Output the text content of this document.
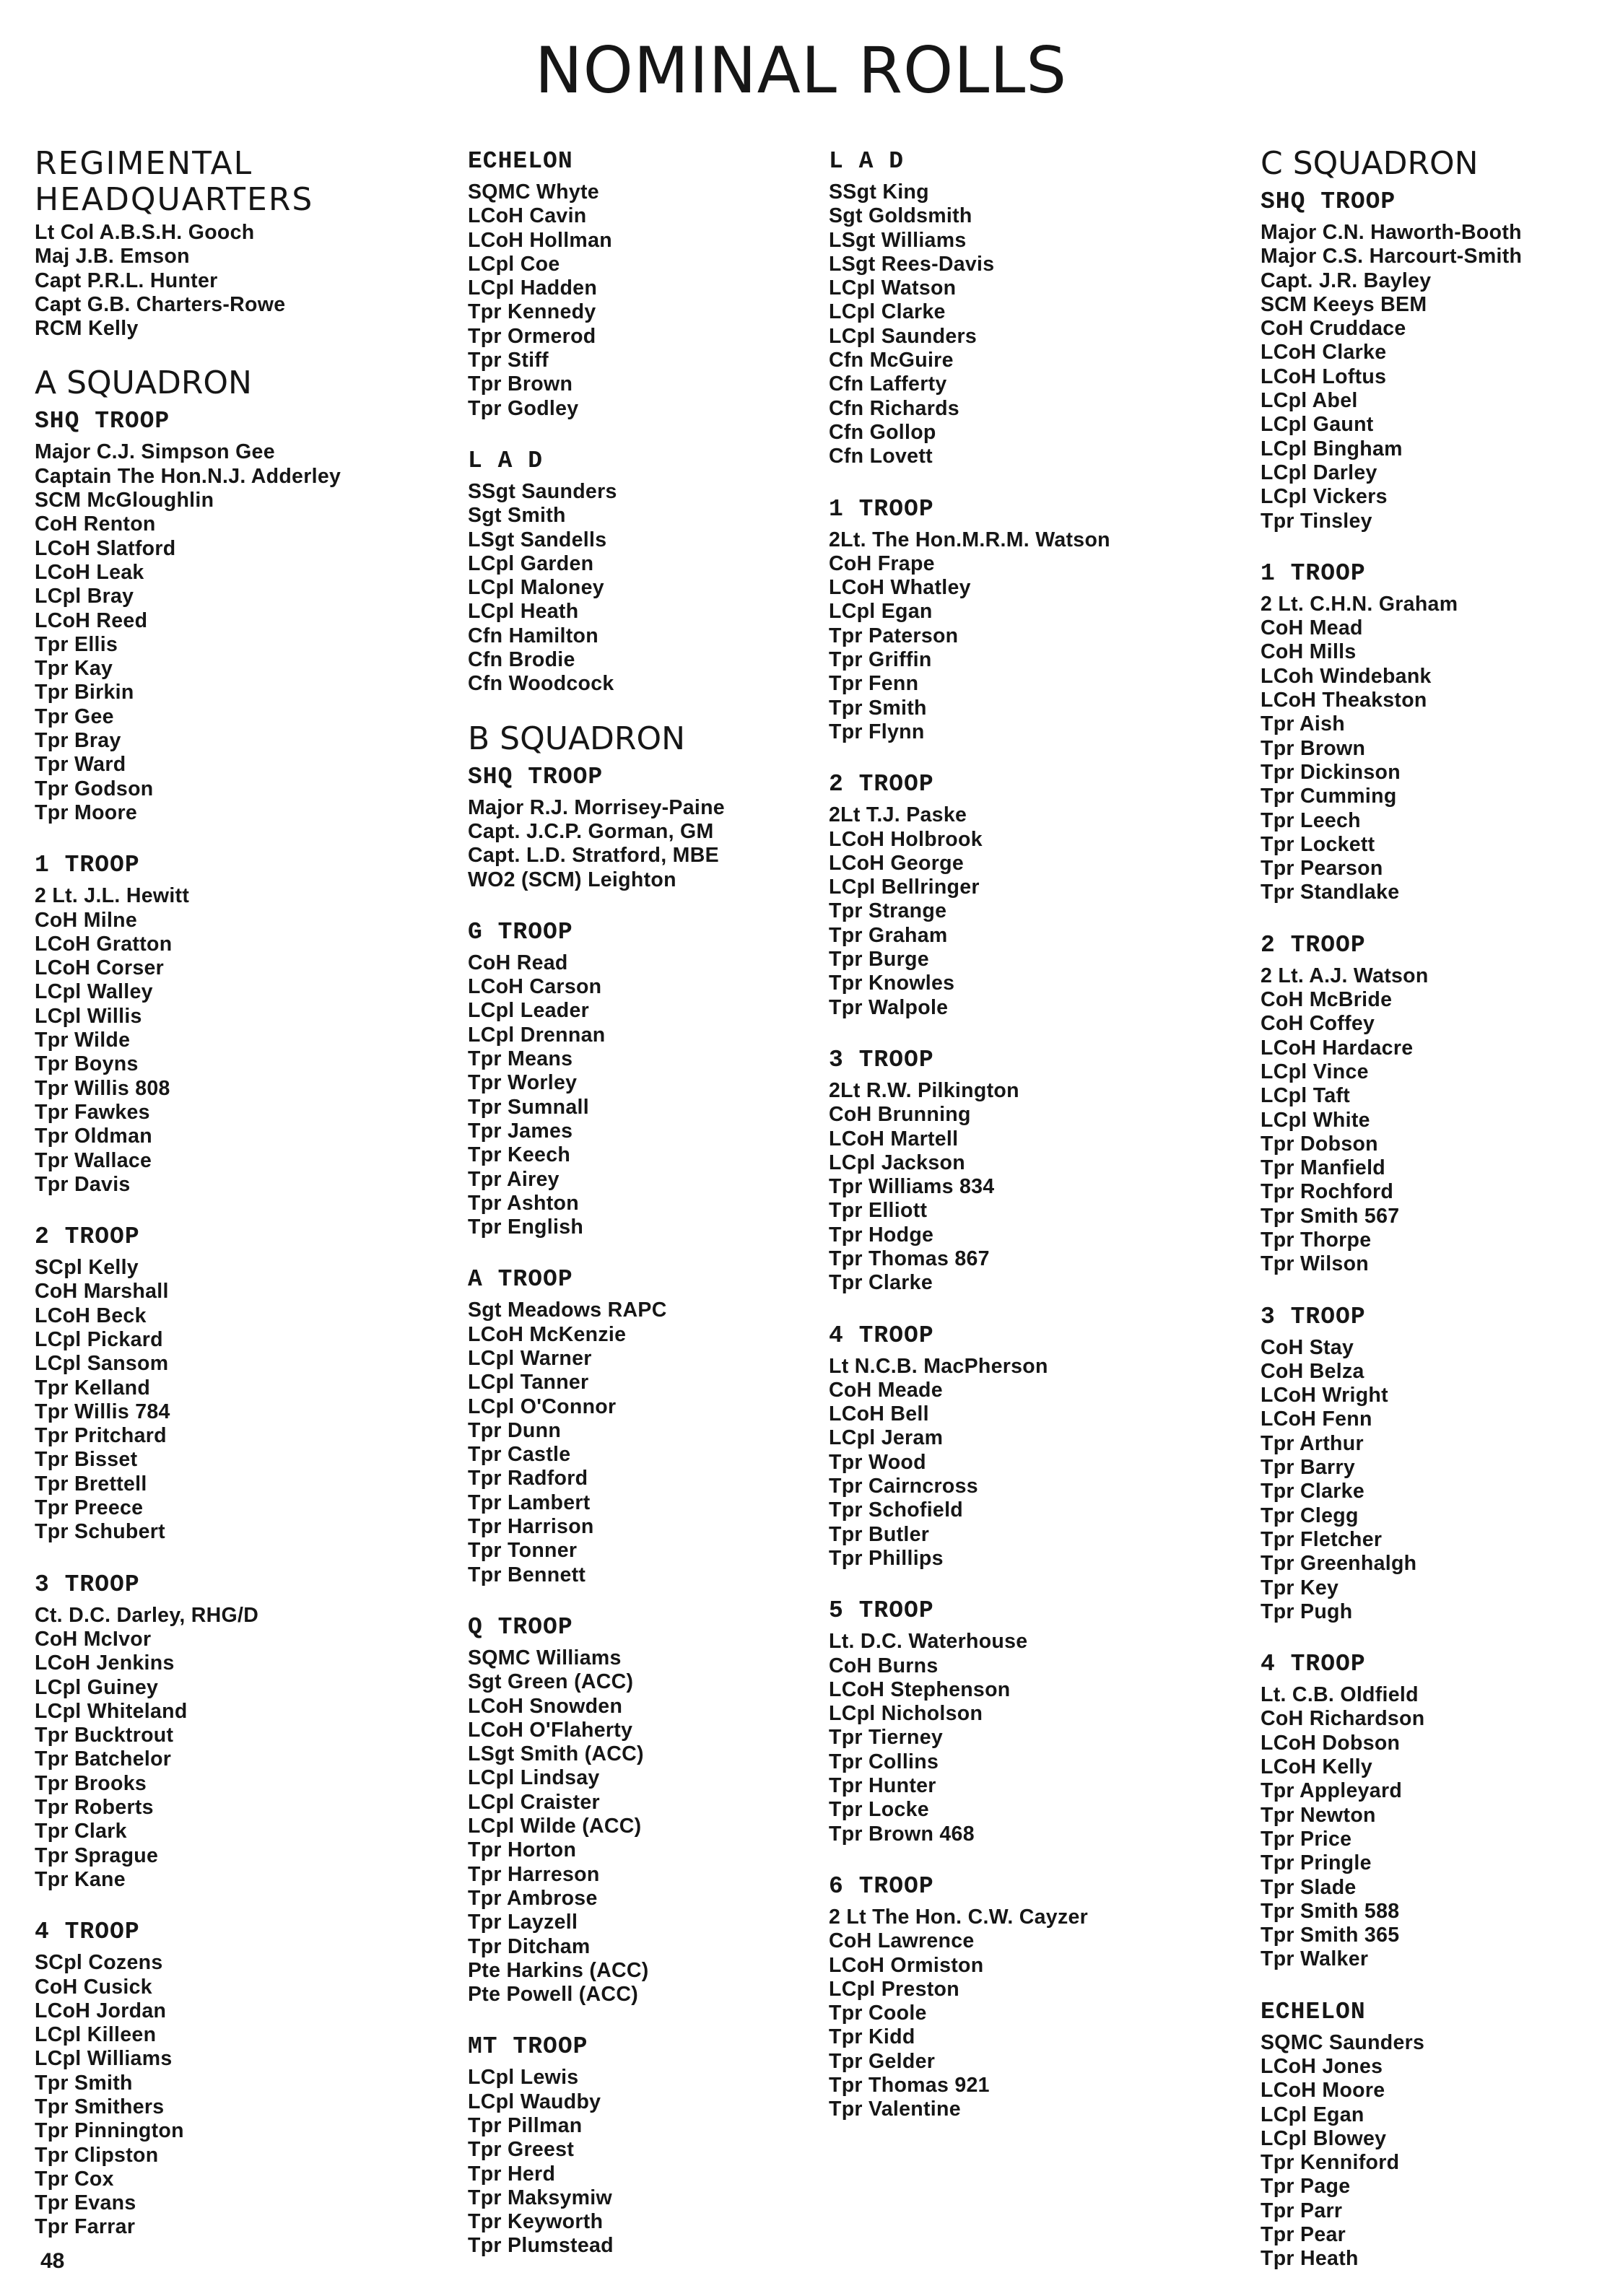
NOMINAL ROLLS
REGIMENTAL HEADQUARTERS
Lt Col A.B.S.H. Gooch
Maj J.B. Emson
Capt P.R.L. Hunter
Capt G.B. Charters-Rowe
RCM Kelly
A SQUADRON
SHQ TROOP
Major C.J. Simpson Gee
Captain The Hon.N.J. Adderley
SCM McGloughlin
CoH Renton
LCoH Slatford
LCoH Leak
LCpl Bray
LCoH Reed
Tpr Ellis
Tpr Kay
Tpr Birkin
Tpr Gee
Tpr Bray
Tpr Ward
Tpr Godson
Tpr Moore
1 TROOP
2 Lt. J.L. Hewitt
CoH Milne
LCoH Gratton
LCoH Corser
LCpl Walley
LCpl Willis
Tpr Wilde
Tpr Boyns
Tpr Willis 808
Tpr Fawkes
Tpr Oldman
Tpr Wallace
Tpr Davis
2 TROOP
SCpl Kelly
CoH Marshall
LCoH Beck
LCpl Pickard
LCpl Sansom
Tpr Kelland
Tpr Willis 784
Tpr Pritchard
Tpr Bisset
Tpr Brettell
Tpr Preece
Tpr Schubert
3 TROOP
Ct. D.C. Darley, RHG/D
CoH McIvor
LCoH Jenkins
LCpl Guiney
LCpl Whiteland
Tpr Bucktrout
Tpr Batchelor
Tpr Brooks
Tpr Roberts
Tpr Clark
Tpr Sprague
Tpr Kane
4 TROOP
SCpl Cozens
CoH Cusick
LCoH Jordan
LCpl Killeen
LCpl Williams
Tpr Smith
Tpr Smithers
Tpr Pinnington
Tpr Clipston
Tpr Cox
Tpr Evans
Tpr Farrar
ECHELON
SQMC Whyte
LCoH Cavin
LCoH Hollman
LCpl Coe
LCpl Hadden
Tpr Kennedy
Tpr Ormerod
Tpr Stiff
Tpr Brown
Tpr Godley
L A D
SSgt Saunders
Sgt Smith
LSgt Sandells
LCpl Garden
LCpl Maloney
LCpl Heath
Cfn Hamilton
Cfn Brodie
Cfn Woodcock
B SQUADRON
SHQ TROOP
Major R.J. Morrisey-Paine
Capt. J.C.P. Gorman, GM
Capt. L.D. Stratford, MBE
WO2 (SCM) Leighton
G TROOP
CoH Read
LCoH Carson
LCpl Leader
LCpl Drennan
Tpr Means
Tpr Worley
Tpr Sumnall
Tpr James
Tpr Keech
Tpr Airey
Tpr Ashton
Tpr English
A TROOP
Sgt Meadows RAPC
LCoH McKenzie
LCpl Warner
LCpl Tanner
LCpl O'Connor
Tpr Dunn
Tpr Castle
Tpr Radford
Tpr Lambert
Tpr Harrison
Tpr Tonner
Tpr Bennett
Q TROOP
SQMC Williams
Sgt Green (ACC)
LCoH Snowden
LCoH O'Flaherty
LSgt Smith (ACC)
LCpl Lindsay
LCpl Craister
LCpl Wilde (ACC)
Tpr Horton
Tpr Harreson
Tpr Ambrose
Tpr Layzell
Tpr Ditcham
Pte Harkins (ACC)
Pte Powell (ACC)
MT TROOP
LCpl Lewis
LCpl Waudby
Tpr Pillman
Tpr Greest
Tpr Herd
Tpr Maksymiw
Tpr Keyworth
Tpr Plumstead
L A D
SSgt King
Sgt Goldsmith
LSgt Williams
LSgt Rees-Davis
LCpl Watson
LCpl Clarke
LCpl Saunders
Cfn McGuire
Cfn Lafferty
Cfn Richards
Cfn Gollop
Cfn Lovett
1 TROOP
2Lt. The Hon.M.R.M. Watson
CoH Frape
LCoH Whatley
LCpl Egan
Tpr Paterson
Tpr Griffin
Tpr Fenn
Tpr Smith
Tpr Flynn
2 TROOP
2Lt T.J. Paske
LCoH Holbrook
LCoH George
LCpl Bellringer
Tpr Strange
Tpr Graham
Tpr Burge
Tpr Knowles
Tpr Walpole
3 TROOP
2Lt R.W. Pilkington
CoH Brunning
LCoH Martell
LCpl Jackson
Tpr Williams 834
Tpr Elliott
Tpr Hodge
Tpr Thomas 867
Tpr Clarke
4 TROOP
Lt N.C.B. MacPherson
CoH Meade
LCoH Bell
LCpl Jeram
Tpr Wood
Tpr Cairncross
Tpr Schofield
Tpr Butler
Tpr Phillips
5 TROOP
Lt. D.C. Waterhouse
CoH Burns
LCoH Stephenson
LCpl Nicholson
Tpr Tierney
Tpr Collins
Tpr Hunter
Tpr Locke
Tpr Brown 468
6 TROOP
2 Lt The Hon. C.W. Cayzer
CoH Lawrence
LCoH Ormiston
LCpl Preston
Tpr Coole
Tpr Kidd
Tpr Gelder
Tpr Thomas 921
Tpr Valentine
C SQUADRON
SHQ TROOP
Major C.N. Haworth-Booth
Major C.S. Harcourt-Smith
Capt. J.R. Bayley
SCM Keeys BEM
CoH Cruddace
LCoH Clarke
LCoH Loftus
LCpl Abel
LCpl Gaunt
LCpl Bingham
LCpl Darley
LCpl Vickers
Tpr Tinsley
1 TROOP
2 Lt. C.H.N. Graham
CoH Mead
CoH Mills
LCoh Windebank
LCoH Theakston
Tpr Aish
Tpr Brown
Tpr Dickinson
Tpr Cumming
Tpr Leech
Tpr Lockett
Tpr Pearson
Tpr Standlake
2 TROOP
2 Lt. A.J. Watson
CoH McBride
CoH Coffey
LCoH Hardacre
LCpl Vince
LCpl Taft
LCpl White
Tpr Dobson
Tpr Manfield
Tpr Rochford
Tpr Smith 567
Tpr Thorpe
Tpr Wilson
3 TROOP
CoH Stay
CoH Belza
LCoH Wright
LCoH Fenn
Tpr Arthur
Tpr Barry
Tpr Clarke
Tpr Clegg
Tpr Fletcher
Tpr Greenhalgh
Tpr Key
Tpr Pugh
4 TROOP
Lt. C.B. Oldfield
CoH Richardson
LCoH Dobson
LCoH Kelly
Tpr Appleyard
Tpr Newton
Tpr Price
Tpr Pringle
Tpr Slade
Tpr Smith 588
Tpr Smith 365
Tpr Walker
ECHELON
SQMC Saunders
LCoH Jones
LCoH Moore
LCpl Egan
LCpl Blowey
Tpr Kenniford
Tpr Page
Tpr Parr
Tpr Pear
Tpr Heath
48
